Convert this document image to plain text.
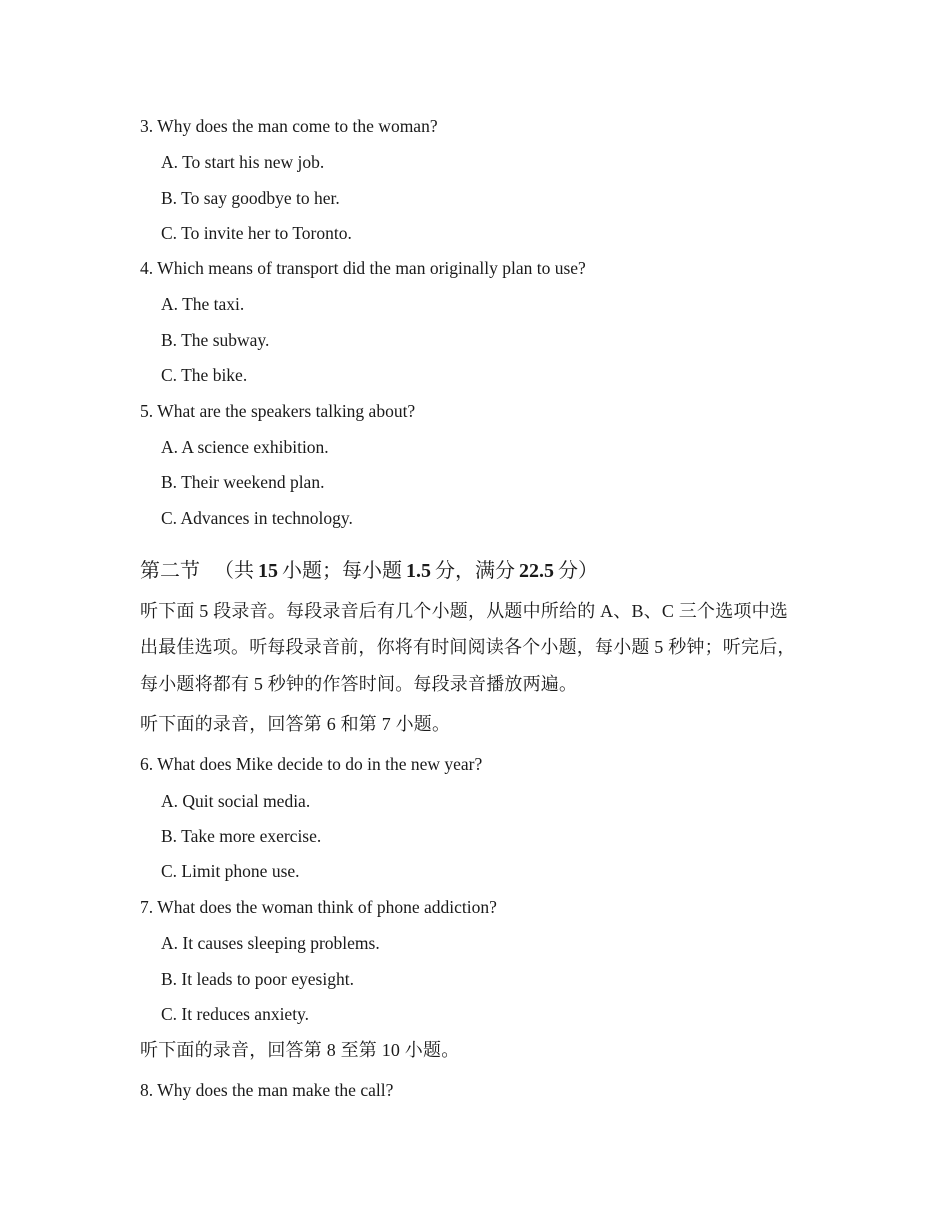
3. Why does the man come to the woman?
A. To start his new job.
B. To say goodbye to her.
C. To invite her to Toronto.
4. Which means of transport did the man originally plan to use?
A. The taxi.
B. The subway.
C. The bike.
5. What are the speakers talking about?
A. A science exhibition.
B. Their weekend plan.
C. Advances in technology.
第二节 （共 15 小题；每小题 1.5 分，满分 22.5 分）
听下面 5 段录音。每段录音后有几个小题，从题中所给的 A、B、C 三个选项中选
出最佳选项。听每段录音前，你将有时间阅读各个小题，每小题 5 秒钟；听完后，
每小题将都有 5 秒钟的作答时间。每段录音播放两遍。
听下面的录音，回答第 6 和第 7 小题。
6. What does Mike decide to do in the new year?
A. Quit social media.
B. Take more exercise.
C. Limit phone use.
7. What does the woman think of phone addiction?
A. It causes sleeping problems.
B. It leads to poor eyesight.
C. It reduces anxiety.
听下面的录音，回答第 8 至第 10 小题。
8. Why does the man make the call?
